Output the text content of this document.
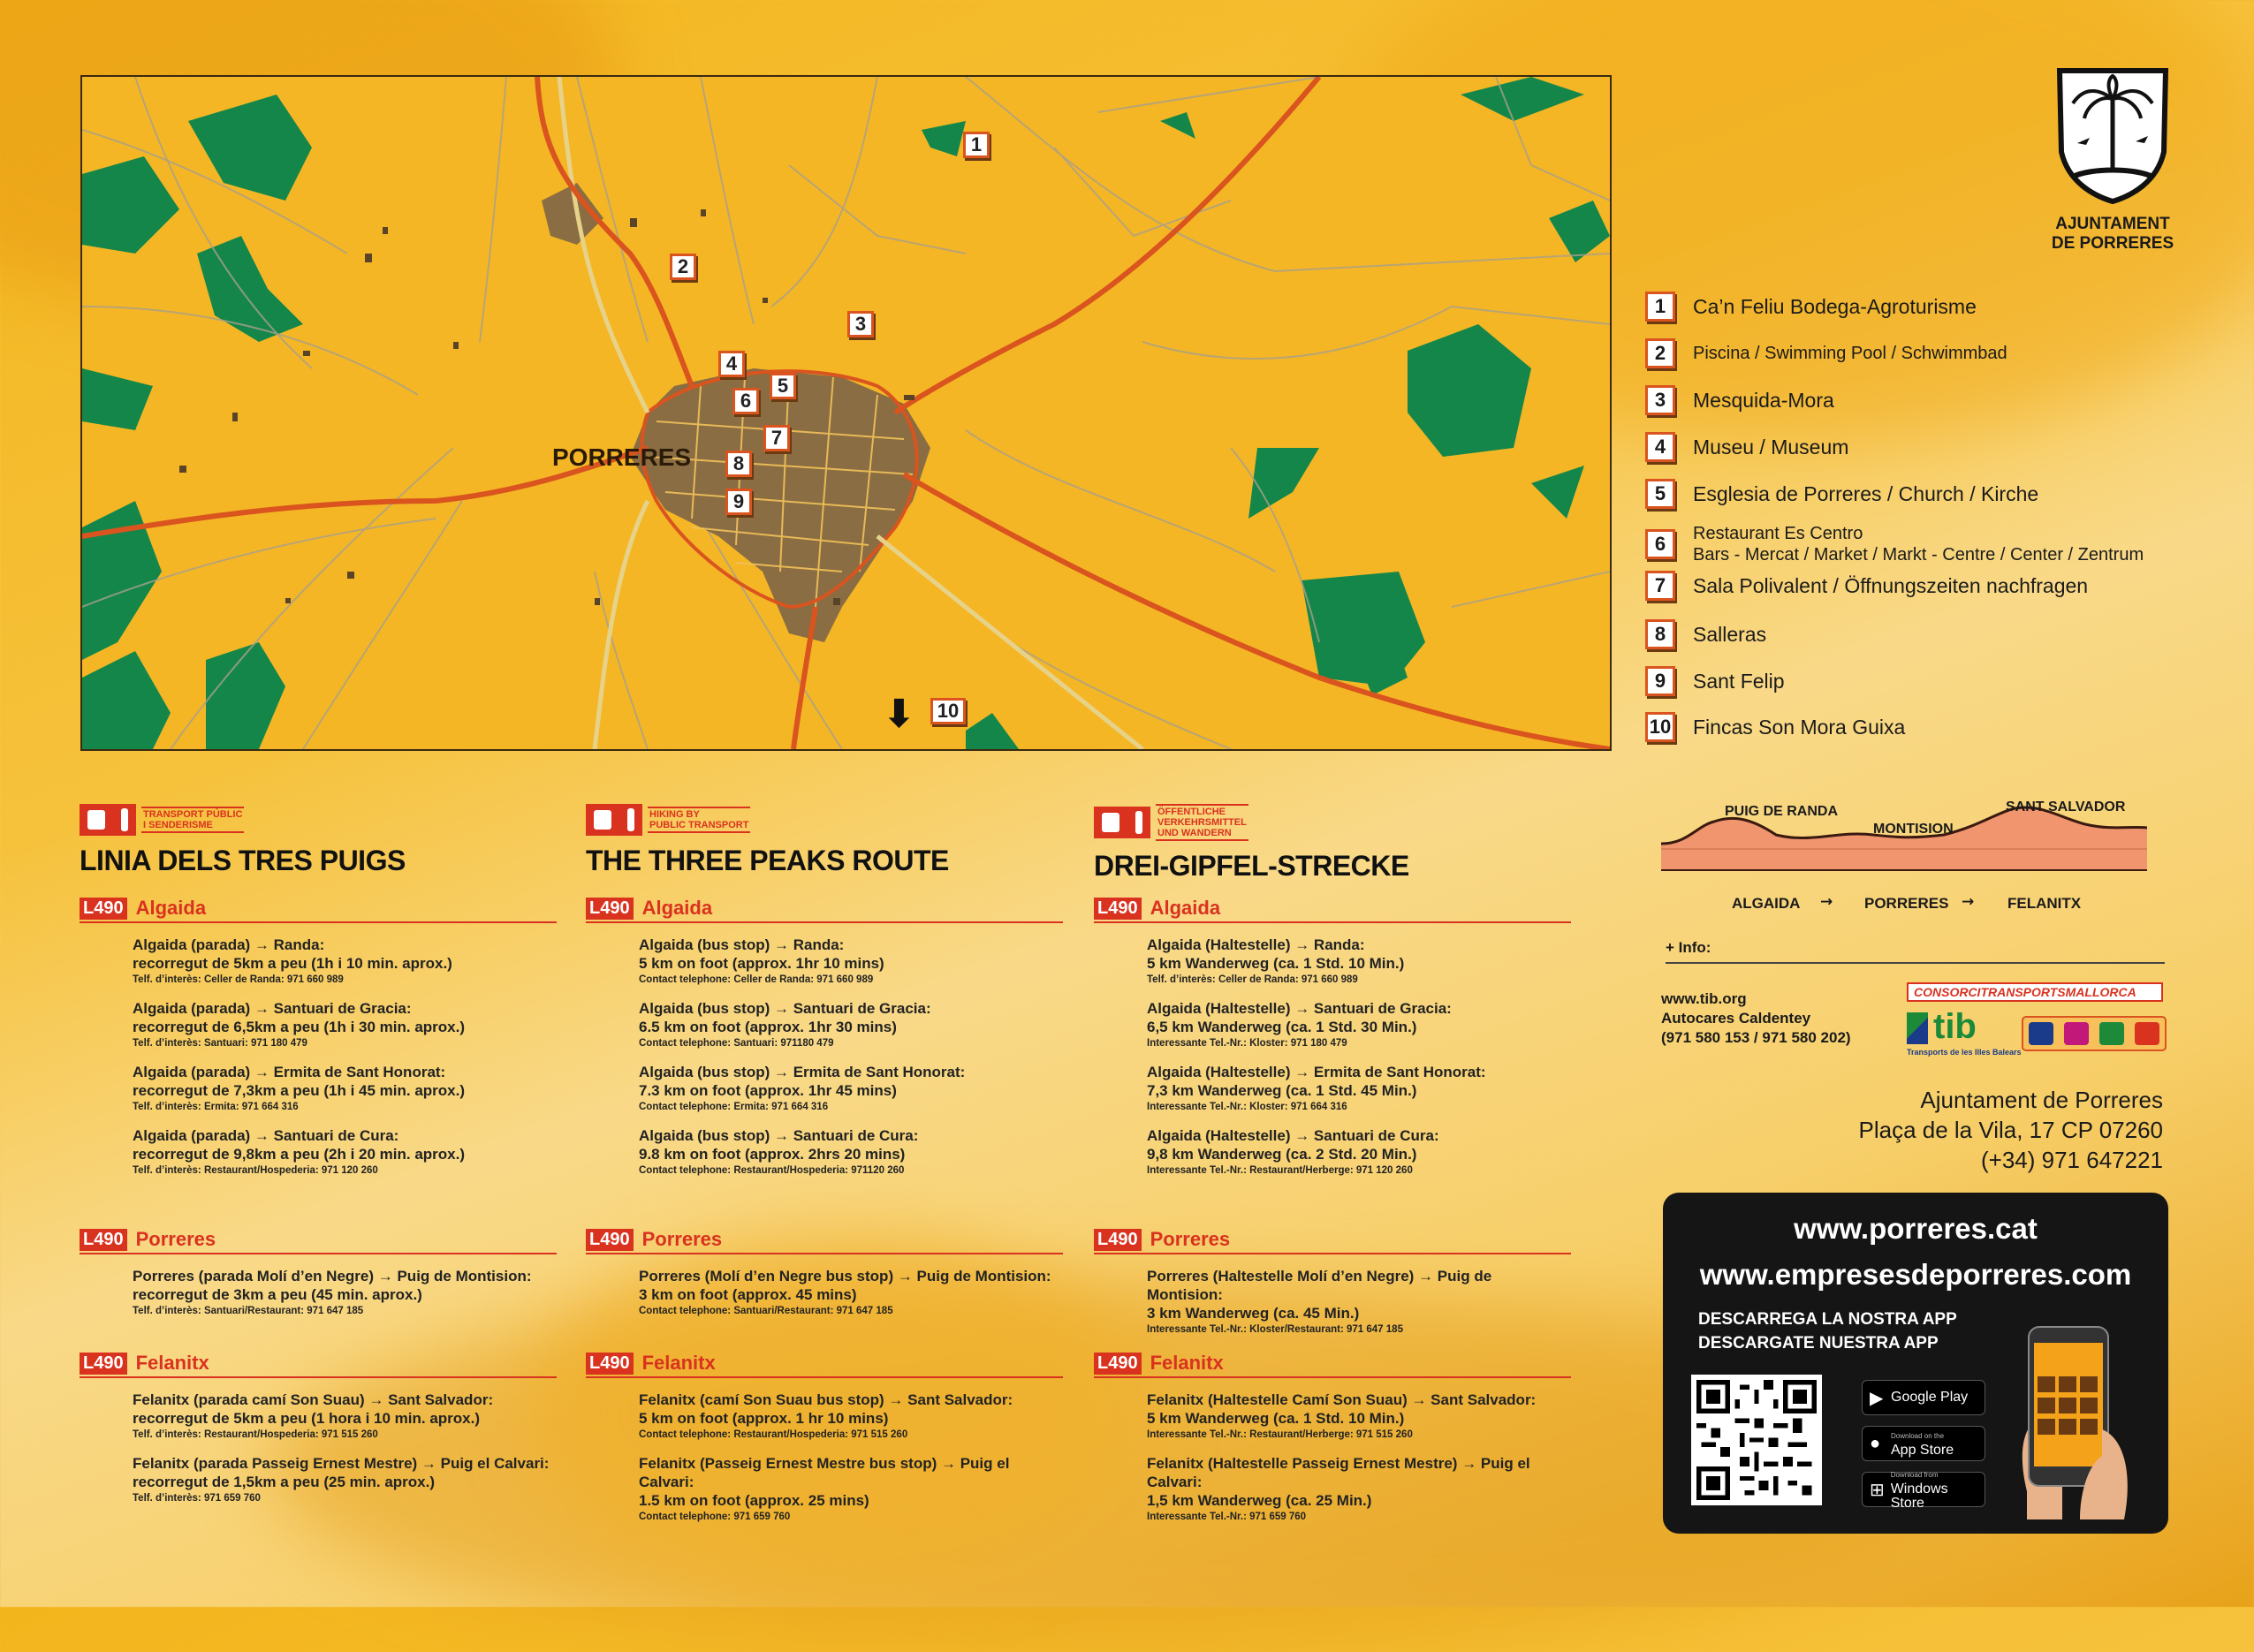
PORRERES
1
2
3
4
5
6
7
8
9
10
⬇
AJUNTAMENT
DE PORRERES
1	Ca’n Feliu Bodega-Agroturisme
2	Piscina / Swimming Pool / Schwimmbad
3	Mesquida-Mora
4	Museu / Museum
5	Esglesia de Porreres / Church / Kirche
6	Restaurant Es Centro
Bars - Mercat / Market / Markt - Centre / Center / Zentrum
7	Sala Polivalent / Öffnungszeiten nachfragen
8	Salleras
9	Sant Felip
10 Fincas Son Mora Guixa
TRANSPORT PÚBLIC
I SENDERISME
LINIA DELS TRES PUIGS
L490 Algaida
Algaida (parada) → Randa:
recorregut de 5km a peu (1h i 10 min. aprox.)
Telf. d’interès: Celler de Randa: 971 660 989
Algaida (parada) → Santuari de Gracia:
recorregut de 6,5km a peu (1h i 30 min. aprox.)
Telf. d’interès: Santuari: 971 180 479
Algaida (parada) → Ermita de Sant Honorat:
recorregut de 7,3km a peu (1h i 45 min. aprox.)
Telf. d’interès: Ermita: 971 664 316
Algaida (parada) → Santuari de Cura:
recorregut de 9,8km a peu (2h i 20 min. aprox.)
Telf. d’interès: Restaurant/Hospederia: 971 120 260
L490 Porreres
Porreres (parada Molí d’en Negre) → Puig de Montision:
recorregut de 3km a peu (45 min. aprox.)
Telf. d’interès: Santuari/Restaurant: 971 647 185
L490 Felanitx
Felanitx (parada camí Son Suau) → Sant Salvador:
recorregut de 5km a peu (1 hora i 10 min. aprox.)
Telf. d’interès: Restaurant/Hospederia: 971 515 260
Felanitx (parada Passeig Ernest Mestre) → Puig el Calvari:
recorregut de 1,5km a peu (25 min. aprox.)
Telf. d’interès: 971 659 760
HIKING BY
PUBLIC TRANSPORT
THE THREE PEAKS ROUTE
L490 Algaida
Algaida (bus stop) → Randa:
5 km on foot (approx. 1hr 10 mins)
Contact telephone: Celler de Randa: 971 660 989
Algaida (bus stop) → Santuari de Gracia:
6.5 km on foot (approx. 1hr 30 mins)
Contact telephone: Santuari: 971180 479
Algaida (bus stop) → Ermita de Sant Honorat:
7.3 km on foot (approx. 1hr 45 mins)
Contact telephone: Ermita: 971 664 316
Algaida (bus stop) → Santuari de Cura:
9.8 km on foot (approx. 2hrs 20 mins)
Contact telephone: Restaurant/Hospederia: 971120 260
L490 Porreres
Porreres (Molí d’en Negre bus stop) → Puig de Montision:
3 km on foot (approx. 45 mins)
Contact telephone: Santuari/Restaurant: 971 647 185
L490 Felanitx
Felanitx (camí Son Suau bus stop) → Sant Salvador:
5 km on foot (approx. 1 hr 10 mins)
Contact telephone: Restaurant/Hospederia: 971 515 260
Felanitx (Passeig Ernest Mestre bus stop) → Puig el Calvari:
1.5 km on foot (approx. 25 mins)
Contact telephone: 971 659 760
ÖFFENTLICHE
VERKEHRSMITTEL
UND WANDERN
DREI-GIPFEL-STRECKE
L490 Algaida
Algaida (Haltestelle) → Randa:
5 km Wanderweg (ca. 1 Std. 10 Min.)
Telf. d’interès: Celler de Randa: 971 660 989
Algaida (Haltestelle) → Santuari de Gracia:
6,5 km Wanderweg (ca. 1 Std. 30 Min.)
Interessante Tel.-Nr.: Kloster: 971 180 479
Algaida (Haltestelle) → Ermita de Sant Honorat:
7,3 km Wanderweg (ca. 1 Std. 45 Min.)
Interessante Tel.-Nr.: Kloster: 971 664 316
Algaida (Haltestelle) → Santuari de Cura:
9,8 km Wanderweg (ca. 2 Std. 20 Min.)
Interessante Tel.-Nr.: Restaurant/Herberge: 971 120 260
L490 Porreres
Porreres (Haltestelle Molí d’en Negre) → Puig de Montision:
3 km Wanderweg (ca. 45 Min.)
Interessante Tel.-Nr.: Kloster/Restaurant: 971 647 185
L490 Felanitx
Felanitx (Haltestelle Camí Son Suau) → Sant Salvador:
5 km Wanderweg (ca. 1 Std. 10 Min.)
Interessante Tel.-Nr.: Restaurant/Herberge: 971 515 260
Felanitx (Haltestelle Passeig Ernest Mestre) → Puig el Calvari:
1,5 km Wanderweg (ca. 25 Min.)
Interessante Tel.-Nr.: 971 659 760
PUIG DE RANDA
MONTISION
SANT SALVADOR
ALGAIDA → PORRERES → FELANITX
+ Info:
www.tib.org
Autocares Caldentey
(971 580 153 / 971 580 202)
CONSORCITRANSPORTSMALLORCA
tib
Transports de les Illes Balears
Ajuntament de Porreres
Plaça de la Vila, 17 CP 07260
(+34) 971 647221
www.porreres.cat
www.empresesdeporreres.com
DESCARREGA LA NOSTRA APP
DESCARGATE NUESTRA APP
▶ Google Play
●	Download on the
App Store
⊞
Download from
Windows Store
